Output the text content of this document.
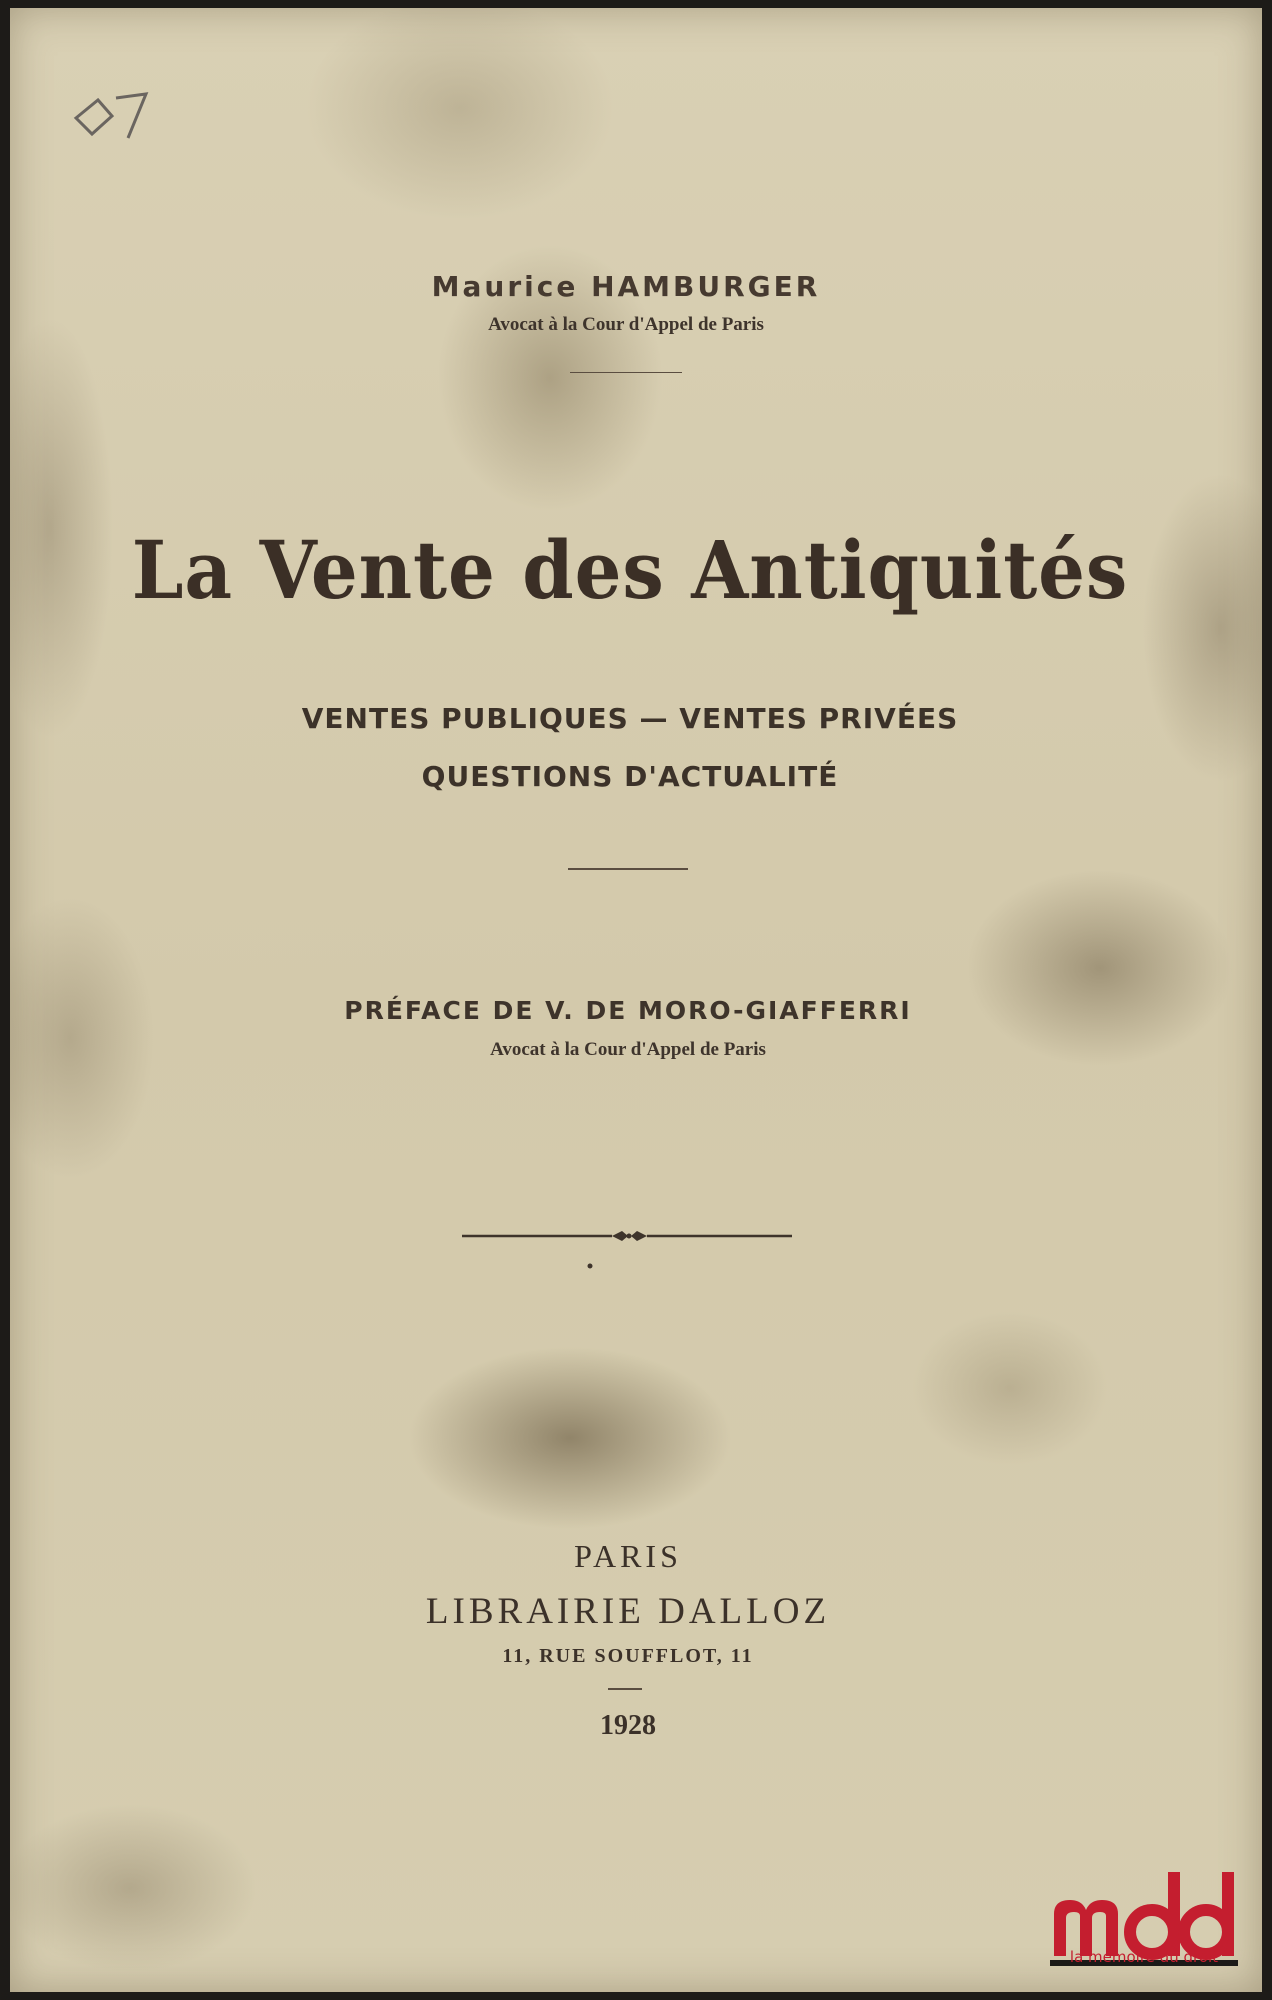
Maurice HAMBURGER
Avocat à la Cour d'Appel de Paris
La Vente des Antiquités
VENTES PUBLIQUES — VENTES PRIVÉES
QUESTIONS D'ACTUALITÉ
PRÉFACE DE V. DE MORO-GIAFFERRI
Avocat à la Cour d'Appel de Paris
PARIS
LIBRAIRIE DALLOZ
11, RUE SOUFFLOT, 11
1928
la mémoire du droit
